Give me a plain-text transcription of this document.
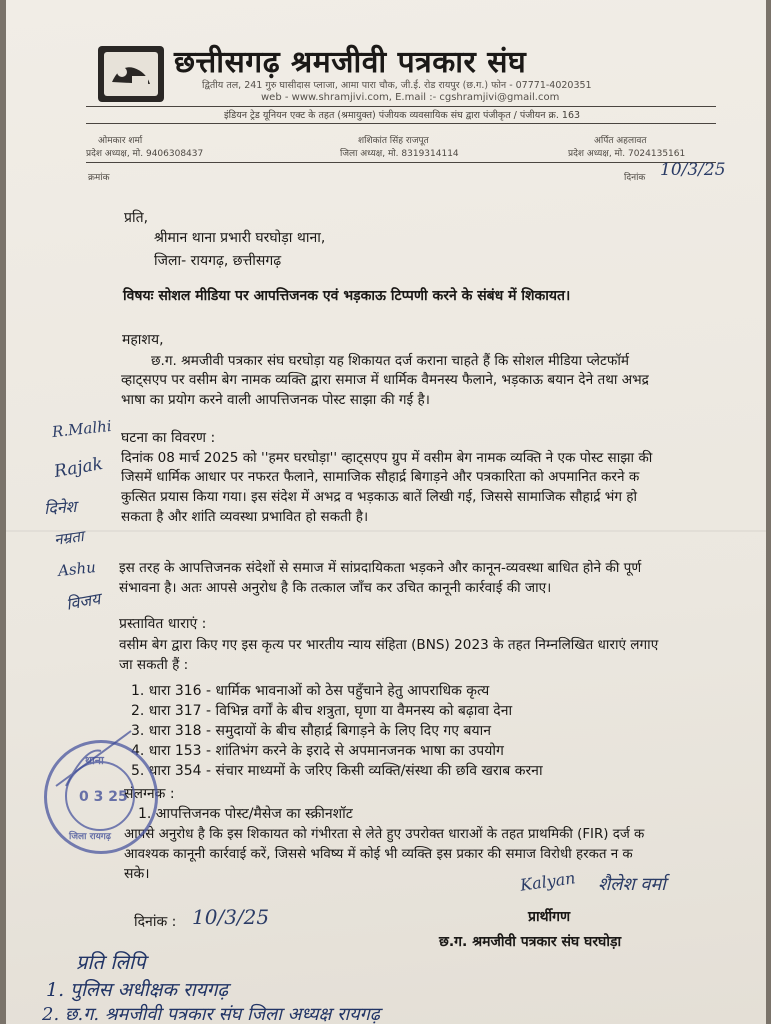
छत्तीसगढ़ श्रमजीवी पत्रकार संघ
द्वितीय तल, 241 गुरु घासीदास प्लाजा, आमा पारा चौक, जी.ई. रोड रायपुर (छ.ग.) फोन - 07771-4020351
web - www.shramjivi.com, E.mail :- cgshramjivi@gmail.com
इंडियन ट्रेड यूनियन एक्ट के तहत (श्रमायुक्त) पंजीयक व्यवसायिक संघ द्वारा पंजीकृत / पंजीयन क्र. 163
ओमकार शर्मा
प्रदेश अध्यक्ष, मो. 9406308437
शशिकांत सिंह राजपूत
जिला अध्यक्ष, मो. 8319314114
अर्पित अहलावत
प्रदेश अध्यक्ष, मो. 7024135161
क्रमांक	दिनांक 10/3/25
प्रति,
श्रीमान थाना प्रभारी घरघोड़ा थाना,
जिला- रायगढ़, छत्तीसगढ़
विषयः सोशल मीडिया पर आपत्तिजनक एवं भड़काऊ टिप्पणी करने के संबंध में शिकायत।
महाशय,
छ.ग. श्रमजीवी पत्रकार संघ घरघोड़ा यह शिकायत दर्ज कराना चाहते हैं कि सोशल मीडिया प्लेटफॉर्म
व्हाट्सएप पर वसीम बेग नामक व्यक्ति द्वारा समाज में धार्मिक वैमनस्य फैलाने, भड़काऊ बयान देने तथा अभद्र
भाषा का प्रयोग करने वाली आपत्तिजनक पोस्ट साझा की गई है।
घटना का विवरण :
दिनांक 08 मार्च 2025 को ''हमर घरघोड़ा'' व्हाट्सएप ग्रुप में वसीम बेग नामक व्यक्ति ने एक पोस्ट साझा की
जिसमें धार्मिक आधार पर नफरत फैलाने, सामाजिक सौहार्द्र बिगाड़ने और पत्रकारिता को अपमानित करने क
कुत्सित प्रयास किया गया। इस संदेश में अभद्र व भड़काऊ बातें लिखी गई, जिससे सामाजिक सौहार्द्र भंग हो
सकता है और शांति व्यवस्था प्रभावित हो सकती है।
इस तरह के आपत्तिजनक संदेशों से समाज में सांप्रदायिकता भड़कने और कानून-व्यवस्था बाधित होने की पूर्ण
संभावना है। अतः आपसे अनुरोध है कि तत्काल जाँच कर उचित कानूनी कार्रवाई की जाए।
प्रस्तावित धाराएं :
वसीम बेग द्वारा किए गए इस कृत्य पर भारतीय न्याय संहिता (BNS) 2023 के तहत निम्नलिखित धाराएं लगाए
जा सकती हैं :
1. धारा 316 - धार्मिक भावनाओं को ठेस पहुँचाने हेतु आपराधिक कृत्य
2. धारा 317 - विभिन्न वर्गों के बीच शत्रुता, घृणा या वैमनस्य को बढ़ावा देना
3. धारा 318 - समुदायों के बीच सौहार्द्र बिगाड़ने के लिए दिए गए बयान
4. धारा 153 - शांतिभंग करने के इरादे से अपमानजनक भाषा का उपयोग
5. धारा 354 - संचार माध्यमों के जरिए किसी व्यक्ति/संस्था की छवि खराब करना
संलग्नक :
1. आपत्तिजनक पोस्ट/मैसेज का स्क्रीनशॉट
आपसे अनुरोध है कि इस शिकायत को गंभीरता से लेते हुए उपरोक्त धाराओं के तहत प्राथमिकी (FIR) दर्ज क
आवश्यक कानूनी कार्रवाई करें, जिससे भविष्य में कोई भी व्यक्ति इस प्रकार की समाज विरोधी हरकत न क
सके।	Kalyan शैलेश वर्मा
प्रार्थीगण
दिनांक : 10/3/25
छ.ग. श्रमजीवी पत्रकार संघ घरघोड़ा
प्रति लिपि
1. पुलिस अधीक्षक रायगढ़
2. छ.ग. श्रमजीवी पत्रकार संघ जिला अध्यक्ष रायगढ़
R.Malhi
Rajak
दिनेश
नम्रता
Ashu
विजय
थाना
0 3 25
जिला रायगढ़
